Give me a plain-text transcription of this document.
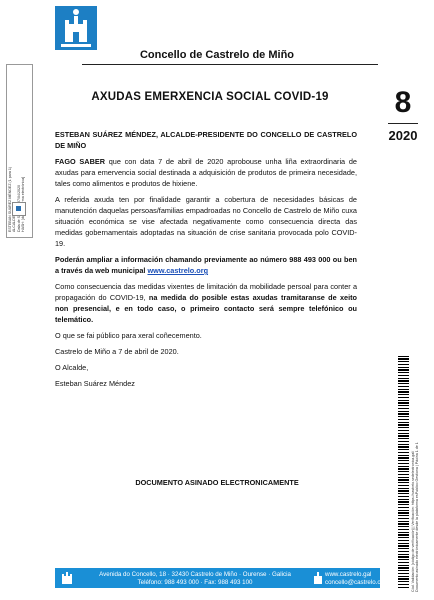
Concello de Castrelo de Miño
ESTEBAN SUÁREZ MÉNDEZ (1 para 1) ALCALDE
AXUDAS EMERXENCIA SOCIAL COVID-19	8
2020

ESTEBAN SUÁREZ MÉNDEZ, ALCALDE-PRESIDENTE DO CONCELLO DE CASTRELO DE MIÑO

FAGO SABER que con data 7 de abril de 2020 aprobouse unha liña extraordinaria de axudas para emervencia social destinada a adquisición de produtos de primeira necesidade, tales como alimentos e produtos de hixiene.

A referida axuda ten por finalidade garantir a cobertura de necesidades básicas de manutención daquelas persoas/familias empadroadas no Concello de Castrelo de Miño cuxa situación económica se vise afectada negativamente como consecuencia directa das medidas gobernamentais adoptadas na situación de crise sanitaria provocada polo COVID-19.

Poderán ampliar a información chamando previamente ao número 988 493 000 ou ben a través da web municipal www.castrelo.org

Como consecuencia das medidas vixentes de limitación da mobilidade persoal para conter a propagación do COVID-19, na medida do posible estas axudas tramitaranse de xeito non presencial, e en todo caso, o primeiro contacto será sempre telefónico ou telemático.

O que se fai público para xeral coñecemento.

Castrelo de Miño a 7 de abril de 2020.

O Alcalde,

Esteban Suárez Méndez

DOCUMENTO ASINADO ELECTRONICAMENTE	Cód. Validación: [código de verificación] | Verificación: https://castrelo.sedelectronica.gal/ Documento asinado electrónicamente desde la plataforma esPublico Gestiona | Páxina 1 de 1
Avenida do Concello, 18 · 32430 Castrelo de Miño · Ourense · Galicia
Teléfono: 988 493 000 · Fax: 988 493 100
www.castrelo.gal
concello@castrelo.org
